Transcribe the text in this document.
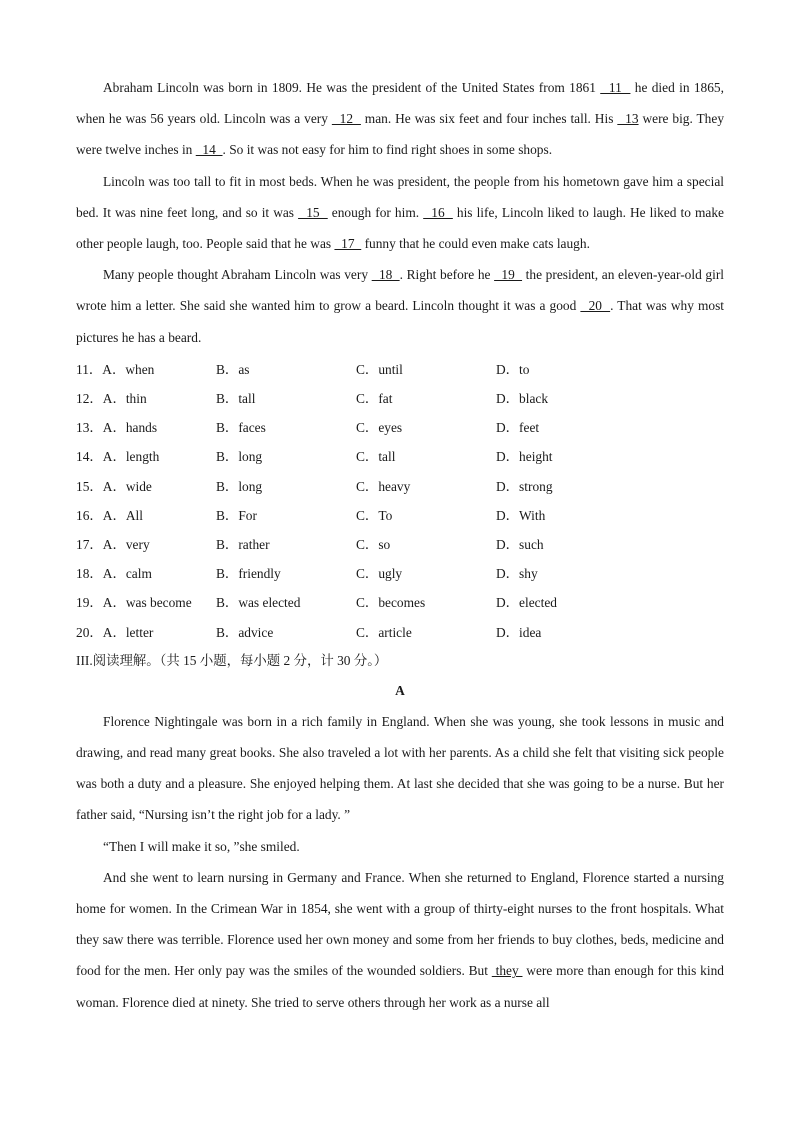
Abraham Lincoln was born in 1809. He was the president of the United States from 1861   11   he died in 1865, when he was 56 years old. Lincoln was a very   12   man. He was six feet and four inches tall. His   13 were big. They were twelve inches in   14  . So it was not easy for him to find right shoes in some shops.

Lincoln was too tall to fit in most beds. When he was president, the people from his hometown gave him a special bed. It was nine feet long, and so it was   15   enough for him.   16   his life, Lincoln liked to laugh. He liked to make other people laugh, too. People said that he was   17   funny that he could even make cats laugh.

Many people thought Abraham Lincoln was very   18  . Right before he   19   the president, an eleven-year-old girl wrote him a letter. She said she wanted him to grow a beard. Lincoln thought it was a good   20  . That was why most pictures he has a beard.

11．A．when	B．as	C．until	D．to
12．A．thin	B．tall	C．fat	D．black
13．A．hands	B．faces	C．eyes	D．feet
14．A．length	B．long	C．tall	D．height
15．A．wide	B．long	C．heavy	D．strong
16．A．All	B．For	C．To	D．With
17．A．very	B．rather	C．so	D．such
18．A．calm	B．friendly	C．ugly	D．shy
19．A．was become	B．was elected	C．becomes	D．elected
20．A．letter	B．advice	C．article	D．idea

III.阅读理解。（共 15 小题，每小题 2 分，计 30 分。）

A

Florence Nightingale was born in a rich family in England. When she was young, she took lessons in music and drawing, and read many great books. She also traveled a lot with her parents. As a child she felt that visiting sick people was both a duty and a pleasure. She enjoyed helping them. At last she decided that she was going to be a nurse. But her father said, “Nursing isn’t the right job for a lady. ”

“Then I will make it so, ”she smiled.

And she went to learn nursing in Germany and France. When she returned to England, Florence started a nursing home for women. In the Crimean War in 1854, she went with a group of thirty-eight nurses to the front hospitals. What they saw there was terrible. Florence used her own money and some from her friends to buy clothes, beds, medicine and food for the men. Her only pay was the smiles of the wounded soldiers. But  they  were more than enough for this kind woman. Florence died at ninety. She tried to serve others through her work as a nurse all
